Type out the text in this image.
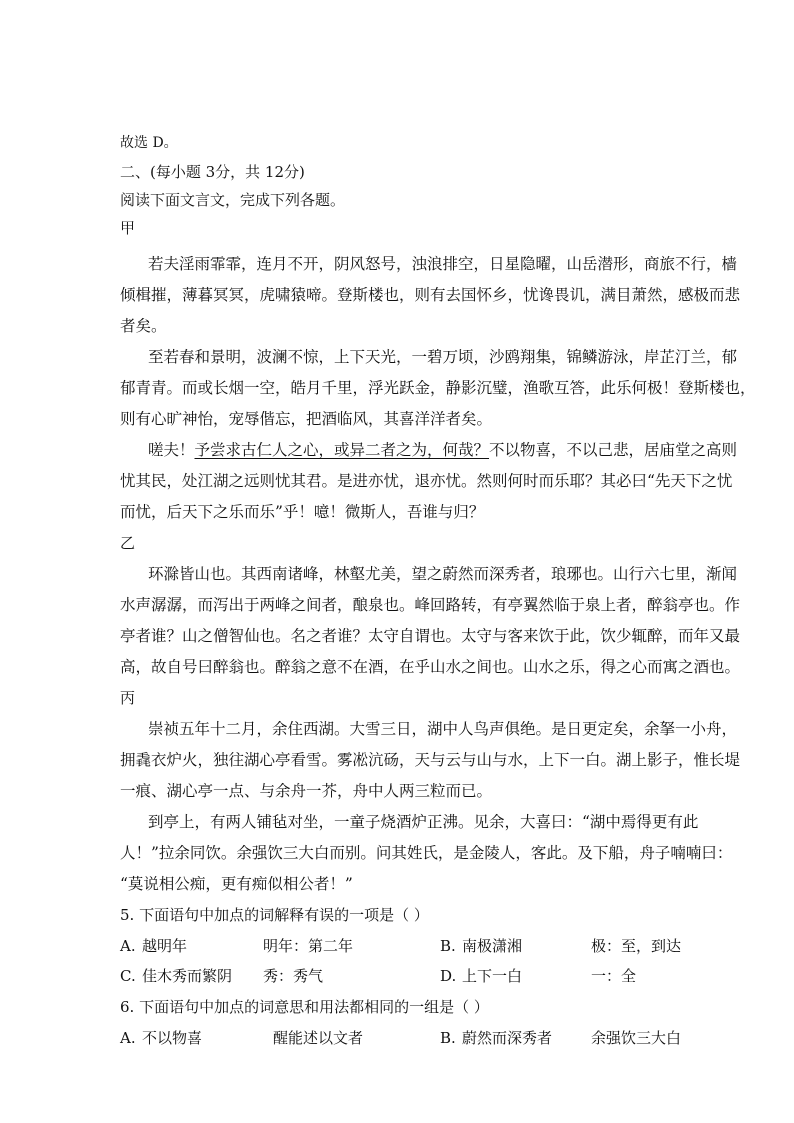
故选 D。
二、(每小题 3分，共 12分)
阅读下面文言文，完成下列各题。
甲
若夫淫雨霏霏，连月不开，阴风怒号，浊浪排空，日星隐曜，山岳潜形，商旅不行，樯
倾楫摧，薄暮冥冥，虎啸猿啼。登斯楼也，则有去国怀乡，忧谗畏讥，满目萧然，感极而悲
者矣。
至若春和景明，波澜不惊，上下天光，一碧万顷，沙鸥翔集，锦鳞游泳，岸芷汀兰，郁
郁青青。而或长烟一空，皓月千里，浮光跃金，静影沉璧，渔歌互答，此乐何极！登斯楼也，
则有心旷神怡，宠辱偕忘，把酒临风，其喜洋洋者矣。
嗟夫！予尝求古仁人之心，或异二者之为，何哉？不以物喜，不以己悲，居庙堂之高则
忧其民，处江湖之远则忧其君。是进亦忧，退亦忧。然则何时而乐耶？其必曰“先天下之忧
而忧，后天下之乐而乐”乎！噫！微斯人，吾谁与归？
乙
环滁皆山也。其西南诸峰，林壑尤美，望之蔚然而深秀者，琅琊也。山行六七里，渐闻
水声潺潺，而泻出于两峰之间者，酿泉也。峰回路转，有亭翼然临于泉上者，醉翁亭也。作
亭者谁？山之僧智仙也。名之者谁？太守自谓也。太守与客来饮于此，饮少辄醉，而年又最
高，故自号曰醉翁也。醉翁之意不在酒，在乎山水之间也。山水之乐，得之心而寓之酒也。
丙
崇祯五年十二月，余住西湖。大雪三日，湖中人鸟声俱绝。是日更定矣，余拏一小舟，
拥毳衣炉火，独往湖心亭看雪。雾凇沆砀，天与云与山与水，上下一白。湖上影子，惟长堤
一痕、湖心亭一点、与余舟一芥，舟中人两三粒而已。
到亭上，有两人铺毡对坐，一童子烧酒炉正沸。见余，大喜曰：“湖中焉得更有此
人！”拉余同饮。余强饮三大白而别。问其姓氏，是金陵人，客此。及下船，舟子喃喃曰：
“莫说相公痴，更有痴似相公者！”
5. 下面语句中加点的词解释有误的一项是（ ）
A. 越明年	明年：第二年	B. 南极潇湘	极：至，到达
C. 佳木秀而繁阴 秀：秀气	D. 上下一白	一：全
6. 下面语句中加点的词意思和用法都相同的一组是（ ）
A. 不以物喜	醒能述以文者	B. 蔚然而深秀者	余强饮三大白
